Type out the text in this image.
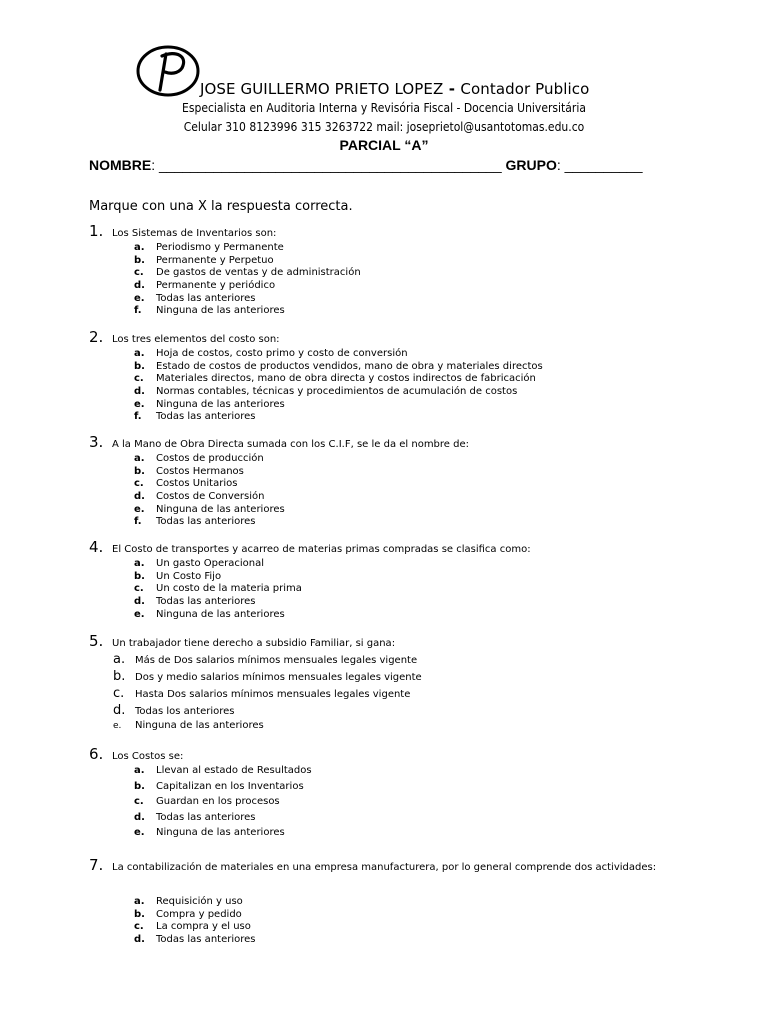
JOSE GUILLERMO PRIETO LOPEZ - Contador Publico
Especialista en Auditoria Interna y Revisória Fiscal - Docencia Universitária
Celular 310 8123996 315 3263722 mail: joseprietol@usantotomas.edu.co
PARCIAL “A”
NOMBRE: ____________________________________________ GRUPO: __________
Marque con una X la respuesta correcta.
1. Los Sistemas de Inventarios son:
a.	Periodismo y Permanente
b.	Permanente y Perpetuo
c.	De gastos de ventas y de administración
d.	Permanente y periódico
e.	Todas las anteriores
f.	Ninguna de las anteriores
2. Los tres elementos del costo son:
a.	Hoja de costos, costo primo y costo de conversión
b.	Estado de costos de productos vendidos, mano de obra y materiales directos
c.	Materiales directos, mano de obra directa y costos indirectos de fabricación
d.	Normas contables, técnicas y procedimientos de acumulación de costos
e.	Ninguna de las anteriores
f.	Todas las anteriores
3. A la Mano de Obra Directa sumada con los C.I.F, se le da el nombre de:
a.	Costos de producción
b.	Costos Hermanos
c.	Costos Unitarios
d.	Costos de Conversión
e.	Ninguna de las anteriores
f.	Todas las anteriores
4. El Costo de transportes y acarreo de materias primas compradas se clasifica como:
a.	Un gasto Operacional
b.	Un Costo Fijo
c.	Un costo de la materia prima
d.	Todas las anteriores
e.	Ninguna de las anteriores
5. Un trabajador tiene derecho a subsidio Familiar, si gana:
a. Más de Dos salarios mínimos mensuales legales vigente
b. Dos y medio salarios mínimos mensuales legales vigente
c.	Hasta Dos salarios mínimos mensuales legales vigente
d. Todas los anteriores
e.	Ninguna de las anteriores
6. Los Costos se:
a.	Llevan al estado de Resultados
b.	Capitalizan en los Inventarios
c.	Guardan en los procesos
d.	Todas las anteriores
e.	Ninguna de las anteriores
7. La contabilización de materiales en una empresa manufacturera, por lo general comprende dos actividades:
a.	Requisición y uso
b.	Compra y pedido
c.	La compra y el uso
d.	Todas las anteriores
